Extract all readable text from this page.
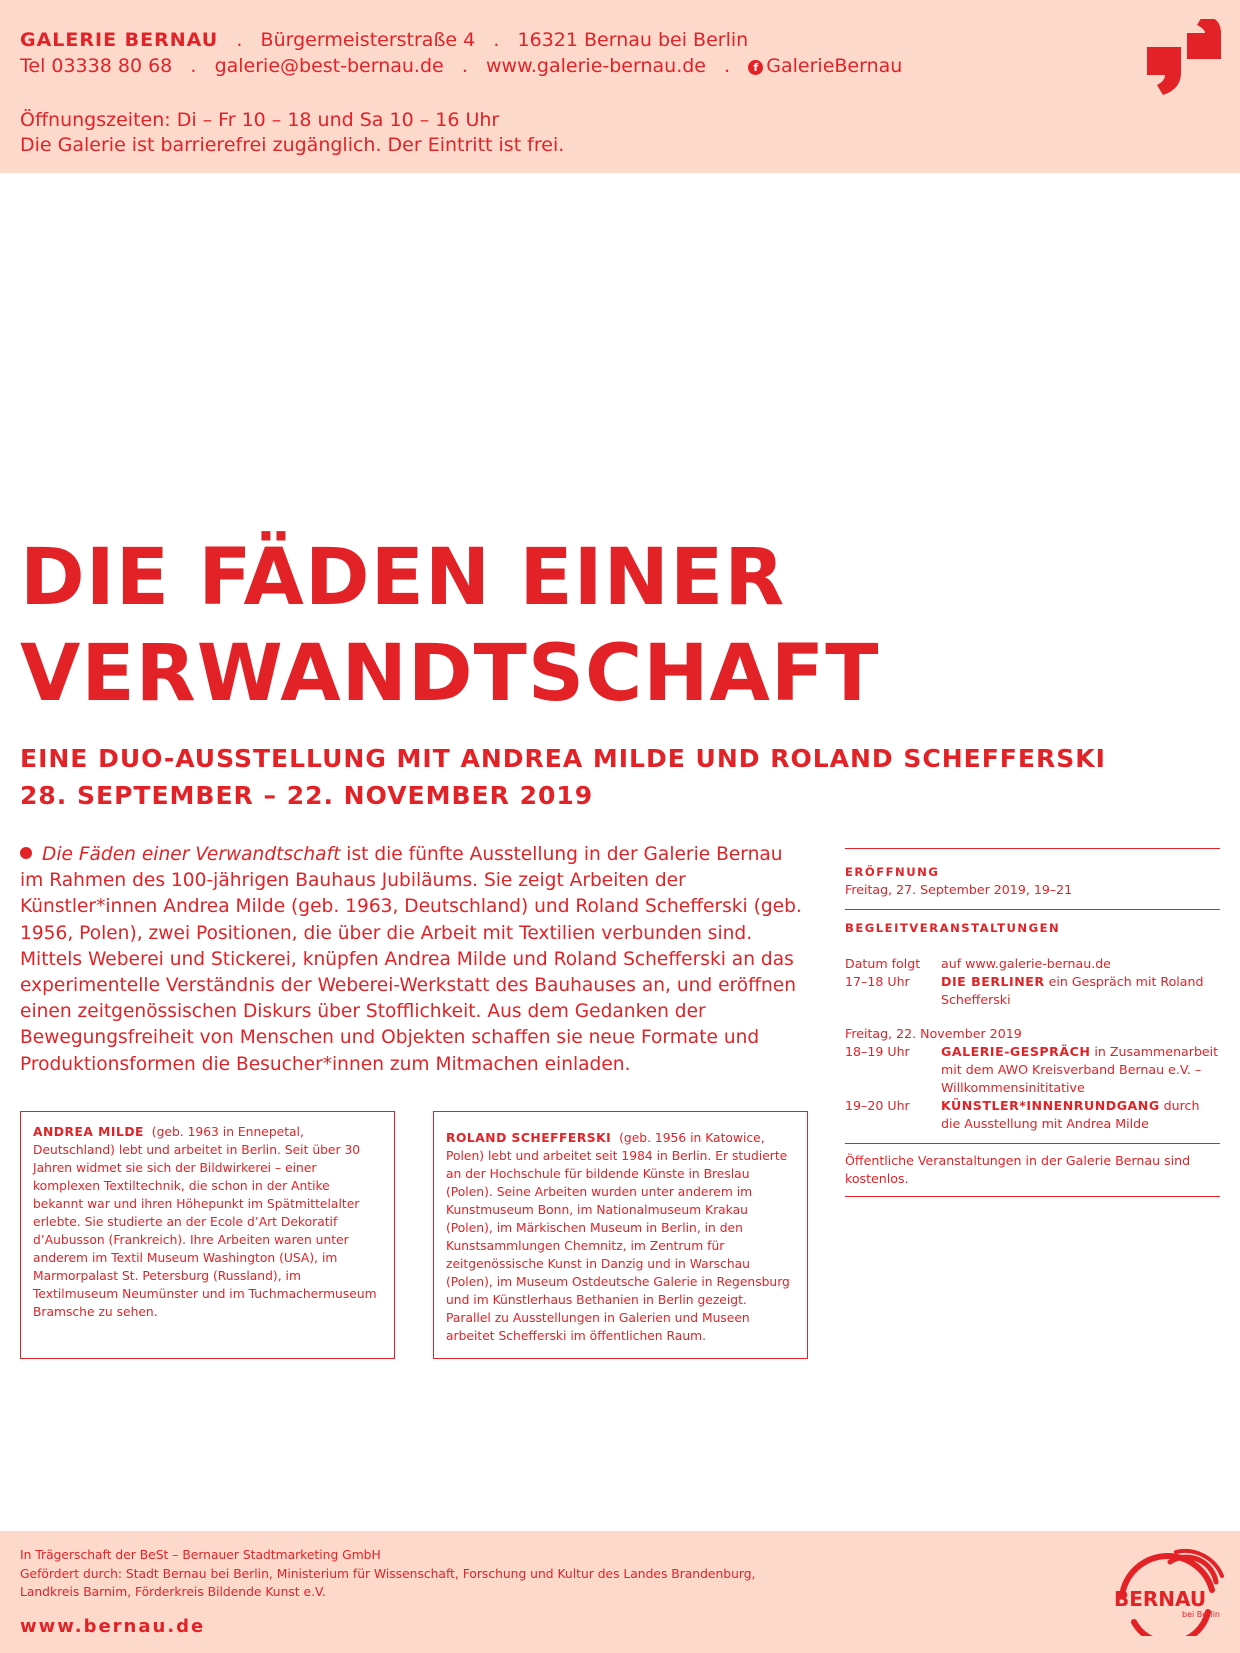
GALERIE BERNAU   .   Bürgermeisterstraße 4   .   16321 Bernau bei Berlin
Tel 03338 80 68   .   galerie@best-bernau.de   .   www.galerie-bernau.de   .   f GalerieBernau
Öffnungszeiten: Di – Fr 10 – 18 und Sa 10 – 16 Uhr
Die Galerie ist barrierefrei zugänglich. Der Eintritt ist frei.
DIE FÄDEN EINER
VERWANDTSCHAFT
EINE DUO-AUSSTELLUNG MIT ANDREA MILDE UND ROLAND SCHEFFERSKI
28. SEPTEMBER – 22. NOVEMBER 2019

Die Fäden einer Verwandtschaft ist die fünfte Ausstellung in der Galerie Bernau im Rahmen des 100-jährigen Bauhaus Jubiläums. Sie zeigt Arbeiten der Künstler*innen Andrea Milde (geb. 1963, Deutschland) und Roland Schefferski (geb. 1956, Polen), zwei Positionen, die über die Arbeit mit Textilien verbunden sind. Mittels Weberei und Stickerei, knüpfen Andrea Milde und Roland Schefferski an das experimentelle Verständnis der Weberei-Werkstatt des Bauhauses an, und eröffnen einen zeitgenössischen Diskurs über Stofflichkeit. Aus dem Gedanken der Bewegungsfreiheit von Menschen und Objekten schaffen sie neue Formate und Produktionsformen die Besucher*innen zum Mitmachen einladen.

ANDREA MILDE (geb. 1963 in Ennepetal, Deutschland) lebt und arbeitet in Berlin. Seit über 30 Jahren widmet sie sich der Bildwirkerei – einer komplexen Textiltechnik, die schon in der Antike bekannt war und ihren Höhepunkt im Spätmittelalter erlebte. Sie studierte an der Ecole d’Art Dekoratif d’Aubusson (Frankreich). Ihre Arbeiten waren unter anderem im Textil Museum Washington (USA), im Marmorpalast St. Petersburg (Russland), im Textilmuseum Neumünster und im Tuchmachermuseum Bramsche zu sehen.
ROLAND SCHEFFERSKI (geb. 1956 in Katowice, Polen) lebt und arbeitet seit 1984 in Berlin. Er studierte an der Hochschule für bildende Künste in Breslau (Polen). Seine Arbeiten wurden unter anderem im Kunstmuseum Bonn, im Nationalmuseum Krakau (Polen), im Märkischen Museum in Berlin, in den Kunstsammlungen Chemnitz, im Zentrum für zeitgenössische Kunst in Danzig und in Warschau (Polen), im Museum Ostdeutsche Galerie in Regensburg und im Künstlerhaus Bethanien in Berlin gezeigt. Parallel zu Ausstellungen in Galerien und Museen arbeitet Schefferski im öffentlichen Raum.
ERÖFFNUNG
Freitag, 27. September 2019, 19–21
BEGLEITVERANSTALTUNGEN
Datum folgt	auf www.galerie-bernau.de
17–18 Uhr	DIE BERLINER ein Gespräch mit Roland Schefferski
Freitag, 22. November 2019
18–19 Uhr	GALERIE-GESPRÄCH in Zusammenarbeit mit dem AWO Kreisverband Bernau e.V. – Willkommensinititative
19–20 Uhr	KÜNSTLER*INNENRUNDGANG durch die Ausstellung mit Andrea Milde
Öffentliche Veranstaltungen in der Galerie Bernau sind kostenlos.
In Trägerschaft der BeSt – Bernauer Stadtmarketing GmbH
Gefördert durch: Stadt Bernau bei Berlin, Ministerium für Wissenschaft, Forschung und Kultur des Landes Brandenburg,
Landkreis Barnim, Förderkreis Bildende Kunst e.V.
www.bernau.de
BERNAU
bei Berlin
